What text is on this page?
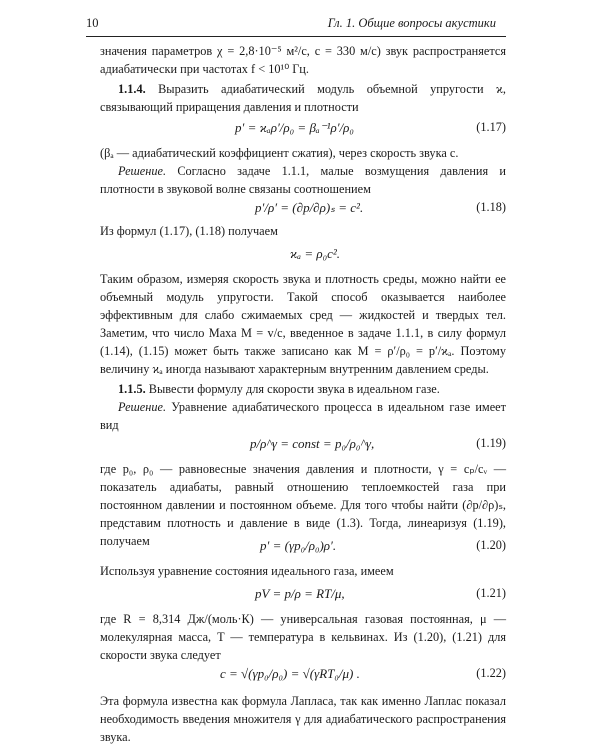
10	Гл. 1. Общие вопросы акустики
значения параметров χ = 2,8·10⁻⁵ м²/с, c = 330 м/с) звук распространяется адиабатически при частотах f < 10¹⁰ Гц.
1.1.4. Выразить адиабатический модуль объемной упругости ϰ, связывающий приращения давления и плотности
p′ = ϰₐρ′/ρ₀ = βₐ⁻¹ρ′/ρ₀	(1.17)
(βₐ — адиабатический коэффициент сжатия), через скорость звука c.
Решение. Согласно задаче 1.1.1, малые возмущения давления и плотности в звуковой волне связаны соотношением
p′/ρ′ = (∂p/∂ρ)ₛ = c².	(1.18)
Из формул (1.17), (1.18) получаем
ϰₐ = ρ₀c².
Таким образом, измеряя скорость звука и плотность среды, можно найти ее объемный модуль упругости. Такой способ оказывается наиболее эффективным для слабо сжимаемых сред — жидкостей и твердых тел. Заметим, что число Маха M = v/c, введенное в задаче 1.1.1, в силу формул (1.14), (1.15) может быть также записано как M = ρ′/ρ₀ = p′/ϰₐ. Поэтому величину ϰₐ иногда называют характерным внутренним давлением среды.
1.1.5. Вывести формулу для скорости звука в идеальном газе.
Решение. Уравнение адиабатического процесса в идеальном газе имеет вид
p/ρ^γ = const = p₀/ρ₀^γ,	(1.19)
где p₀, ρ₀ — равновесные значения давления и плотности, γ = cₚ/cᵥ — показатель адиабаты, равный отношению теплоемкостей газа при постоянном давлении и постоянном объеме. Для того чтобы найти (∂p/∂ρ)ₛ, представим плотность и давление в виде (1.3). Тогда, линеаризуя (1.19), получаем	p′ = (γp₀/ρ₀)ρ′.	(1.20)
Используя уравнение состояния идеального газа, имеем
pV = p/ρ = RT/μ,	(1.21)
где R = 8,314 Дж/(моль·К) — универсальная газовая постоянная, μ — молекулярная масса, T — температура в кельвинах. Из (1.20), (1.21) для скорости звука следует
c = √(γp₀/ρ₀) = √(γRT₀/μ) .	(1.22)
Эта формула известна как формула Лапласа, так как именно Лаплас показал необходимость введения множителя γ для адиабатического распространения звука.
